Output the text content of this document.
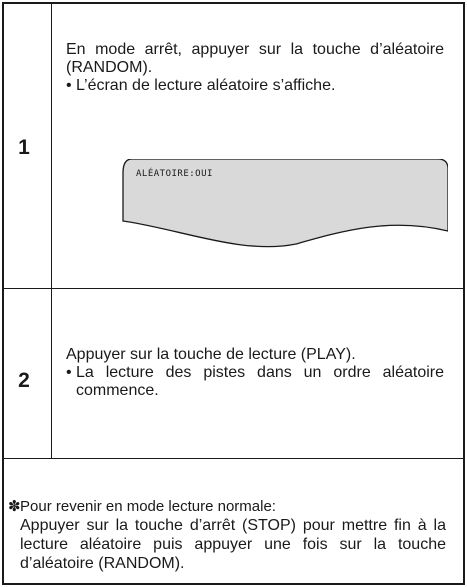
1

En mode arrêt, appuyer sur la touche d’aléatoire (RANDOM).

• L’écran de lecture aléatoire s’affiche.

ALÉATOIRE:OUI
2

Appuyer sur la touche de lecture (PLAY).

• La lecture des pistes dans un ordre aléatoire commence.

✽ Pour revenir en mode lecture normale:

Appuyer sur la touche d’arrêt (STOP) pour mettre fin à la lecture aléatoire puis appuyer une fois sur la touche d’aléatoire (RANDOM).
